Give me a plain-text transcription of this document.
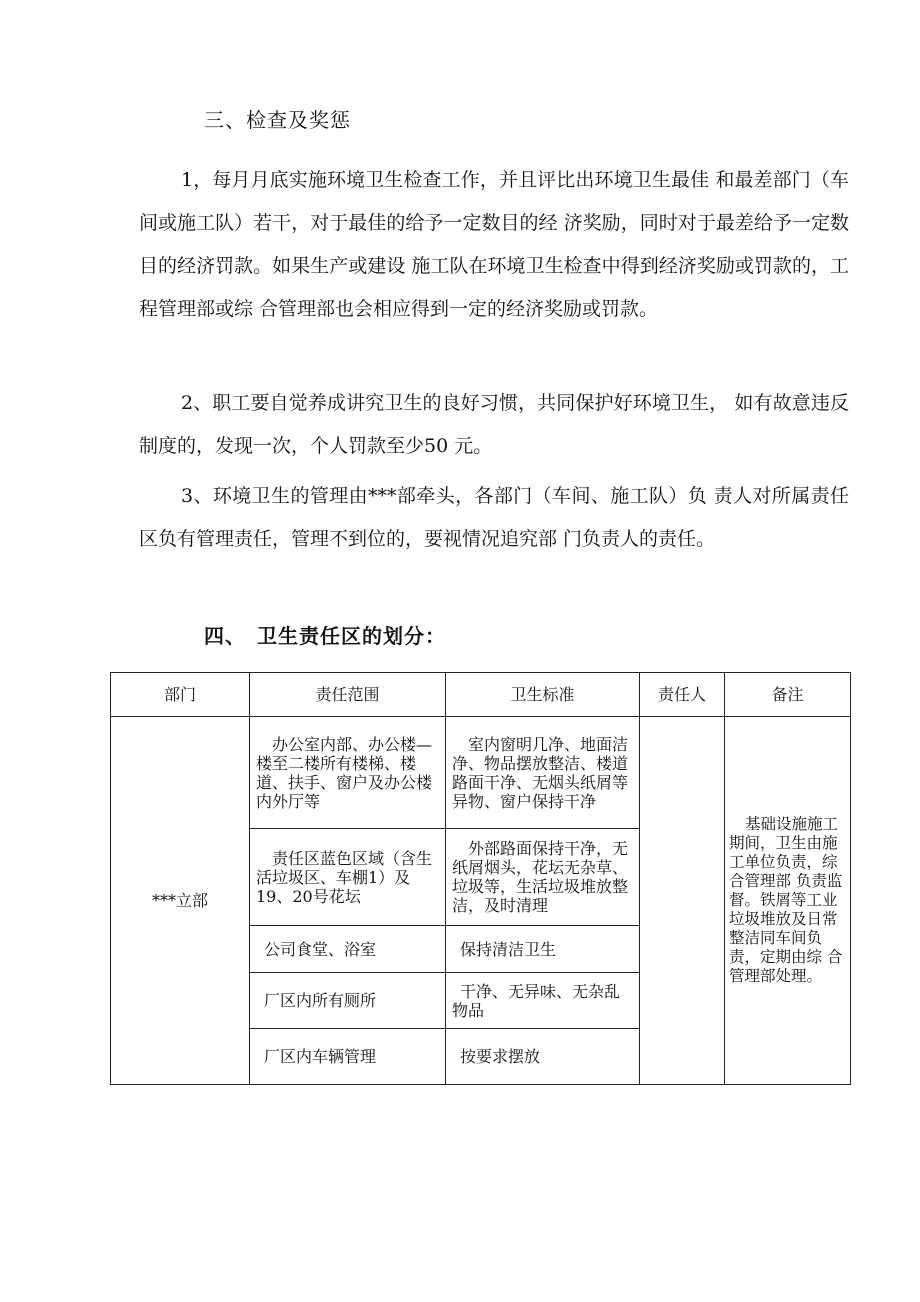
三、检查及奖惩

1，每月月底实施环境卫生检查工作，并且评比出环境卫生最佳 和最差部门（车间或施工队）若干，对于最佳的给予一定数目的经 济奖励，同时对于最差给予一定数目的经济罚款。如果生产或建设 施工队在环境卫生检查中得到经济奖励或罚款的，工程管理部或综 合管理部也会相应得到一定的经济奖励或罚款。

2、职工要自觉养成讲究卫生的良好习惯，共同保护好环境卫生， 如有故意违反制度的，发现一次，个人罚款至少50 元。

3、环境卫生的管理由***部牵头，各部门（车间、施工队）负 责人对所属责任区负有管理责任，管理不到位的，要视情况追究部 门负责人的责任。

四、　卫生责任区的划分：
部门	责任范围	卫生标准	责任人	备注
***立部	办公室内部、办公楼—楼至二楼所有楼梯、楼道、扶手、窗户及办公楼内外厅等	室内窗明几净、地面洁净、物品摆放整洁、楼道路面干净、无烟头纸屑等异物、窗户保持干净		基础设施施工期间，卫生由施工单位负责，综合管理部 负责监督。铁屑等工业垃圾堆放及日常整洁同车间负责，定期由综 合管理部处理。
	责任区蓝色区域（含生活垃圾区、车棚1）及19、20号花坛	外部路面保持干净，无纸屑烟头，花坛无杂草、垃圾等，生活垃圾堆放整洁，及时清理		
	公司食堂、浴室	保持清洁卫生		
	厂区内所有厕所	干净、无异味、无杂乱物品		
	厂区内车辆管理	按要求摆放		
